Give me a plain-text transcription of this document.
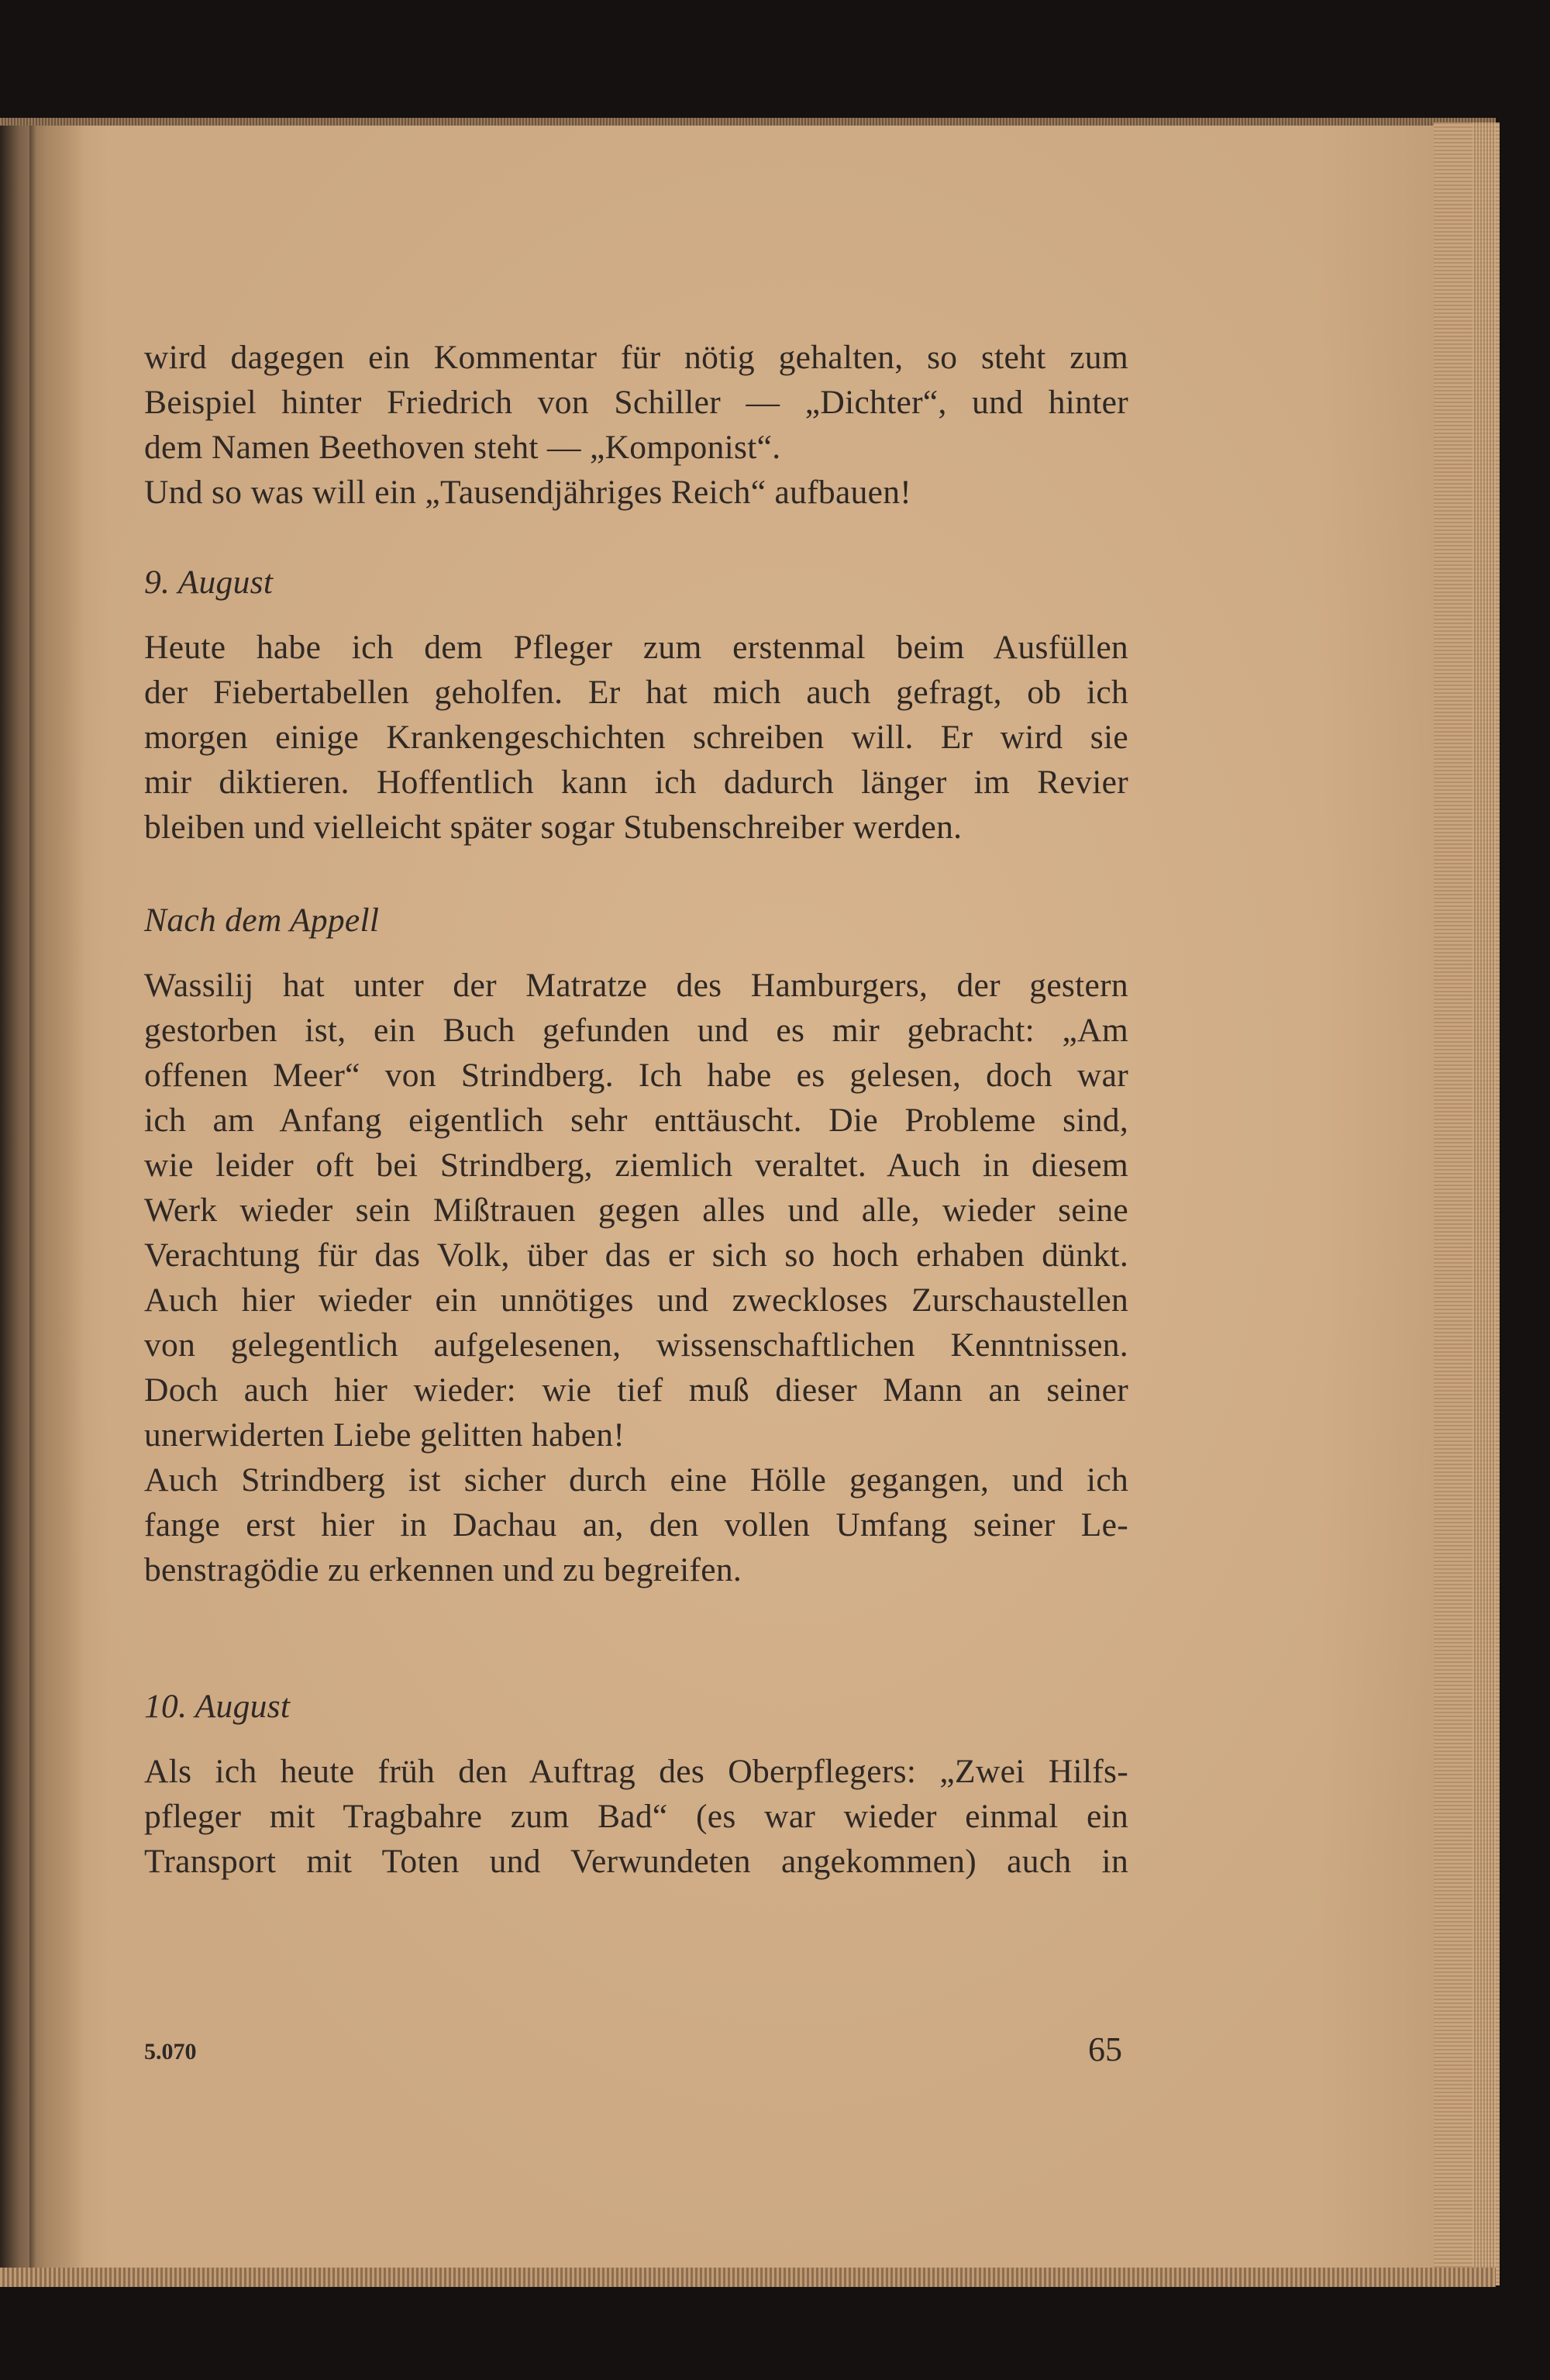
wird dagegen ein Kommentar für nötig gehalten, so steht zum
Beispiel hinter Friedrich von Schiller — „Dichter“, und hinter
dem Namen Beethoven steht — „Komponist“.
Und so was will ein „Tausendjähriges Reich“ aufbauen!
9. August
Heute habe ich dem Pfleger zum erstenmal beim Ausfüllen
der Fiebertabellen geholfen. Er hat mich auch gefragt, ob ich
morgen einige Krankengeschichten schreiben will. Er wird sie
mir diktieren. Hoffentlich kann ich dadurch länger im Revier
bleiben und vielleicht später sogar Stubenschreiber werden.
Nach dem Appell
Wassilij hat unter der Matratze des Hamburgers, der gestern
gestorben ist, ein Buch gefunden und es mir gebracht: „Am
offenen Meer“ von Strindberg. Ich habe es gelesen, doch war
ich am Anfang eigentlich sehr enttäuscht. Die Probleme sind,
wie leider oft bei Strindberg, ziemlich veraltet. Auch in diesem
Werk wieder sein Mißtrauen gegen alles und alle, wieder seine
Verachtung für das Volk, über das er sich so hoch erhaben dünkt.
Auch hier wieder ein unnötiges und zweckloses Zurschaustellen
von gelegentlich aufgelesenen, wissenschaftlichen Kenntnissen.
Doch auch hier wieder: wie tief muß dieser Mann an seiner
unerwiderten Liebe gelitten haben!
Auch Strindberg ist sicher durch eine Hölle gegangen, und ich
fange erst hier in Dachau an, den vollen Umfang seiner Le-
benstragödie zu erkennen und zu begreifen.
10. August
Als ich heute früh den Auftrag des Oberpflegers: „Zwei Hilfs-
pfleger mit Tragbahre zum Bad“ (es war wieder einmal ein
Transport mit Toten und Verwundeten angekommen) auch in
5.070	65
